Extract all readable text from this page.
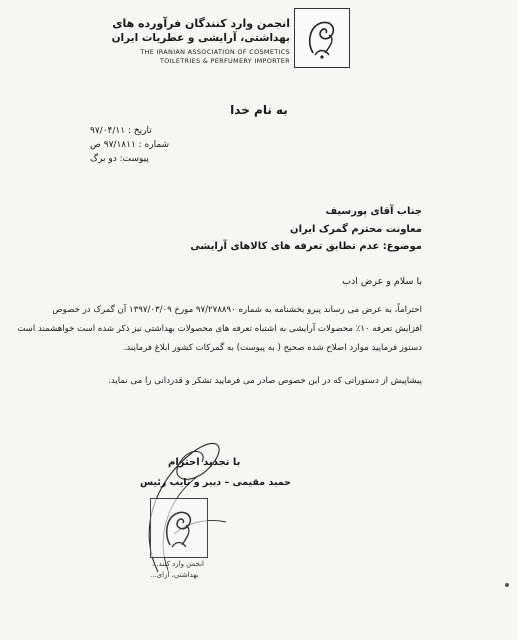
انجمن وارد کنندگان فرآورده های
بهداشتی، آرایشی و عطریات ایران
THE IRANIAN ASSOCIATION OF COSMETICS
TOILETRIES & PERFUMERY IMPORTER
به نام خدا
تاریخ : ۹۷/۰۴/۱۱
شماره : ۹۷/۱۸۱۱ ص
پیوست: دو برگ
جناب آقای پورسیف
معاونت محترم گمرک ایران
موضوع: عدم تطابق تعرفه های کالاهای آرایشی
با سلام و عرض ادب
احتراماً، به عرض می رساند پیرو بخشنامه به شماره ۹۷/۲۷۸۸۹۰ مورخ ۱۳۹۷/۰۳/۰۹ آن گمرک در خصوص
افزایش تعرفه ۱۰٪ محصولات آرایشی به اشتباه تعرفه های محصولات بهداشتی نیز ذکر شده است خواهشمند است
دستور فرمایید موارد اصلاح شده صحیح ( به پیوست) به گمرکات کشور ابلاغ فرمایند.
پیشاپیش از دستوراتی که در این خصوص صادر می فرمایید تشکر و قدردانی را می نماید.
با تجدید احترام
حمید مقیمی – دبیر و نایب رئیس
انجمن وارد کنند...
بهداشتی، آرای...
